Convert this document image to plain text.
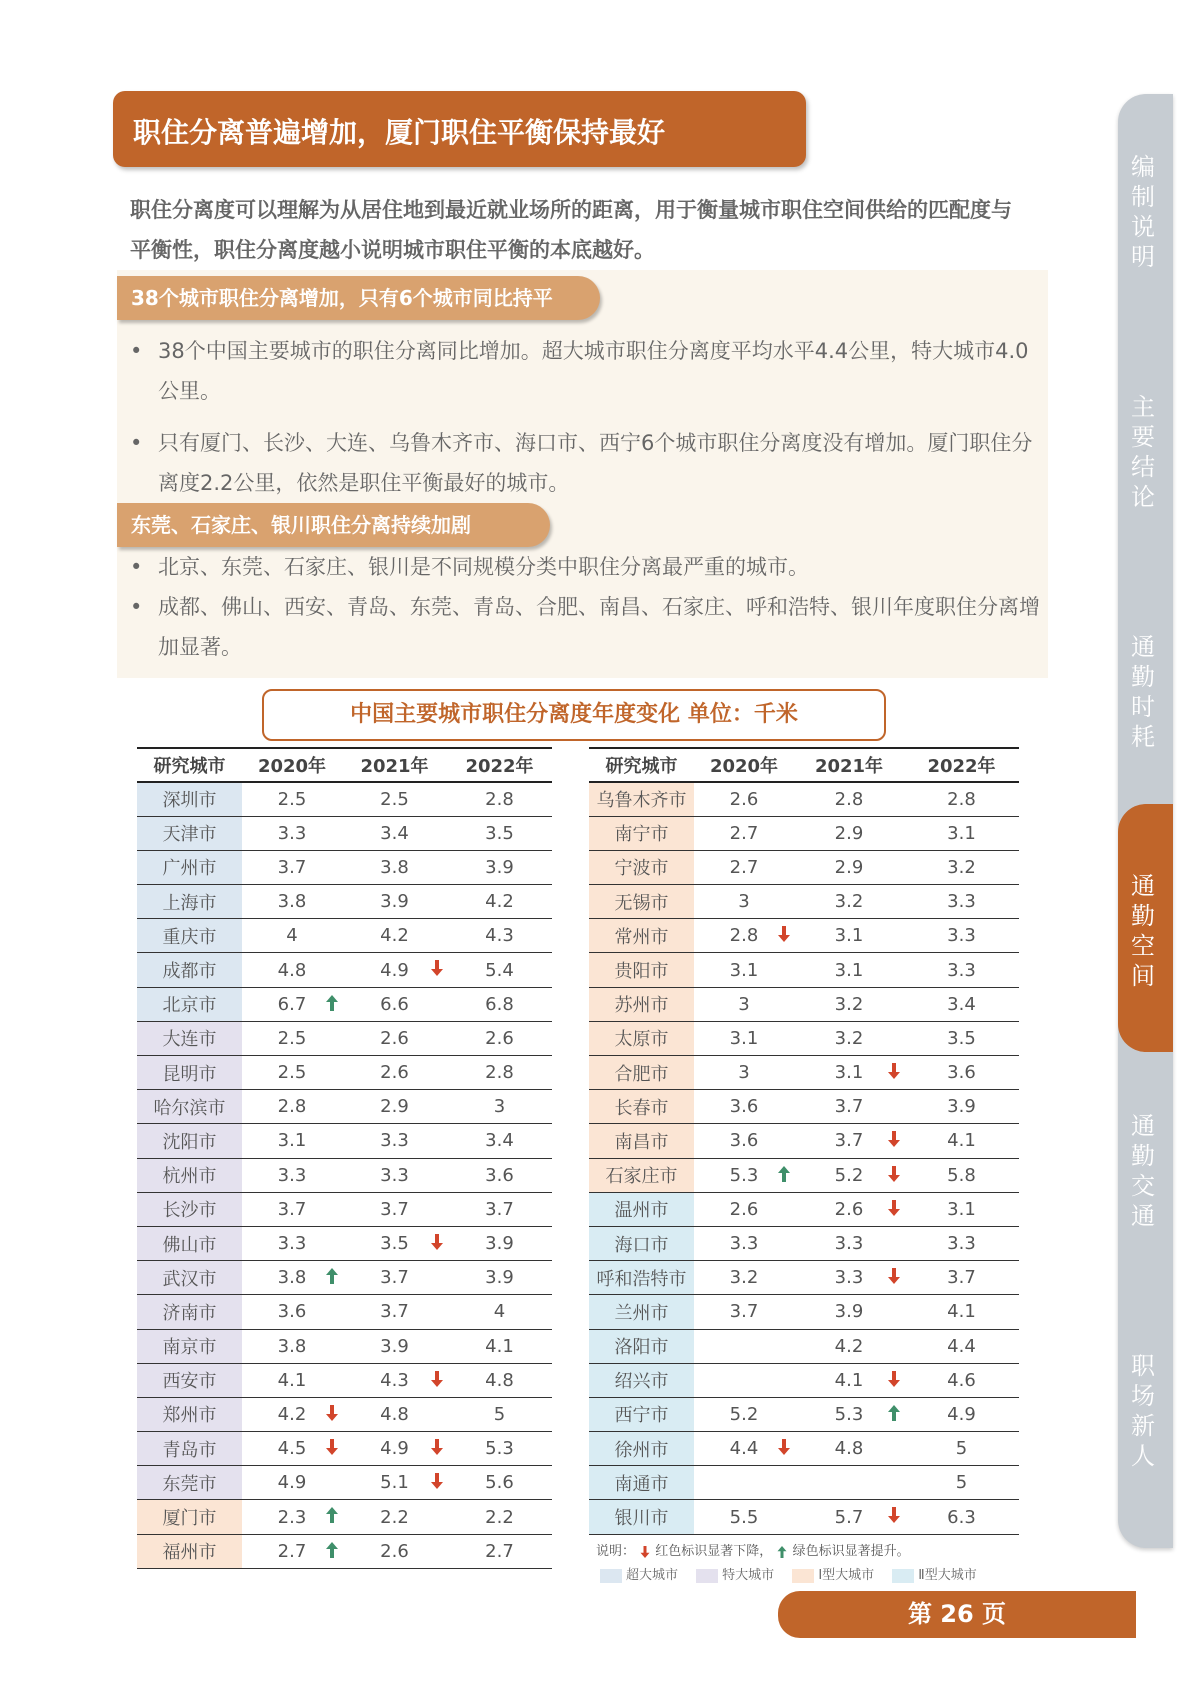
职住分离普遍增加，厦门职住平衡保持最好
职住分离度可以理解为从居住地到最近就业场所的距离，用于衡量城市职住空间供给的匹配度与平衡性，职住分离度越小说明城市职住平衡的本底越好。
38个城市职住分离增加，只有6个城市同比持平
• 38个中国主要城市的职住分离同比增加。超大城市职住分离度平均水平4.4公里，特大城市4.0公里。
• 只有厦门、长沙、大连、乌鲁木齐市、海口市、西宁6个城市职住分离度没有增加。厦门职住分离度2.2公里，依然是职住平衡最好的城市。
东莞、石家庄、银川职住分离持续加剧
• 北京、东莞、石家庄、银川是不同规模分类中职住分离最严重的城市。
• 成都、佛山、西安、青岛、东莞、青岛、合肥、南昌、石家庄、呼和浩特、银川年度职住分离增加显著。
中国主要城市职住分离度年度变化 单位：千米
研究城市	2020年	2021年	2022年
深圳市	2.5	2.5	2.8
天津市	3.3	3.4	3.5
广州市	3.7	3.8	3.9
上海市	3.8	3.9	4.2
重庆市	4	4.2	4.3
成都市	4.8	4.9	5.4
北京市	6.7	6.6	6.8
大连市	2.5	2.6	2.6
昆明市	2.5	2.6	2.8
哈尔滨市	2.8	2.9	3
沈阳市	3.1	3.3	3.4
杭州市	3.3	3.3	3.6
长沙市	3.7	3.7	3.7
佛山市	3.3	3.5	3.9
武汉市	3.8	3.7	3.9
济南市	3.6	3.7	4
南京市	3.8	3.9	4.1
西安市	4.1	4.3	4.8
郑州市	4.2	4.8	5
青岛市	4.5	4.9	5.3
东莞市	4.9	5.1	5.6
厦门市	2.3	2.2	2.2
福州市	2.7	2.6	2.7
研究城市	2020年	2021年	2022年
乌鲁木齐市	2.6	2.8	2.8
南宁市	2.7	2.9	3.1
宁波市	2.7	2.9	3.2
无锡市	3	3.2	3.3
常州市	2.8	3.1	3.3
贵阳市	3.1	3.1	3.3
苏州市	3	3.2	3.4
太原市	3.1	3.2	3.5
合肥市	3	3.1	3.6
长春市	3.6	3.7	3.9
南昌市	3.6	3.7	4.1
石家庄市	5.3	5.2	5.8
温州市	2.6	2.6	3.1
海口市	3.3	3.3	3.3
呼和浩特市	3.2	3.3	3.7
兰州市	3.7	3.9	4.1
洛阳市		4.2	4.4
绍兴市		4.1	4.6
西宁市	5.2	5.3	4.9
徐州市	4.4	4.8	5
南通市			5
银川市	5.5	5.7	6.3
说明： 红色标识显著下降， 绿色标识显著提升。
超大城市	特大城市	Ⅰ型大城市	Ⅱ型大城市
第 26 页
编制说明
主要结论
通勤时耗
通勤空间
通勤交通
职场新人
